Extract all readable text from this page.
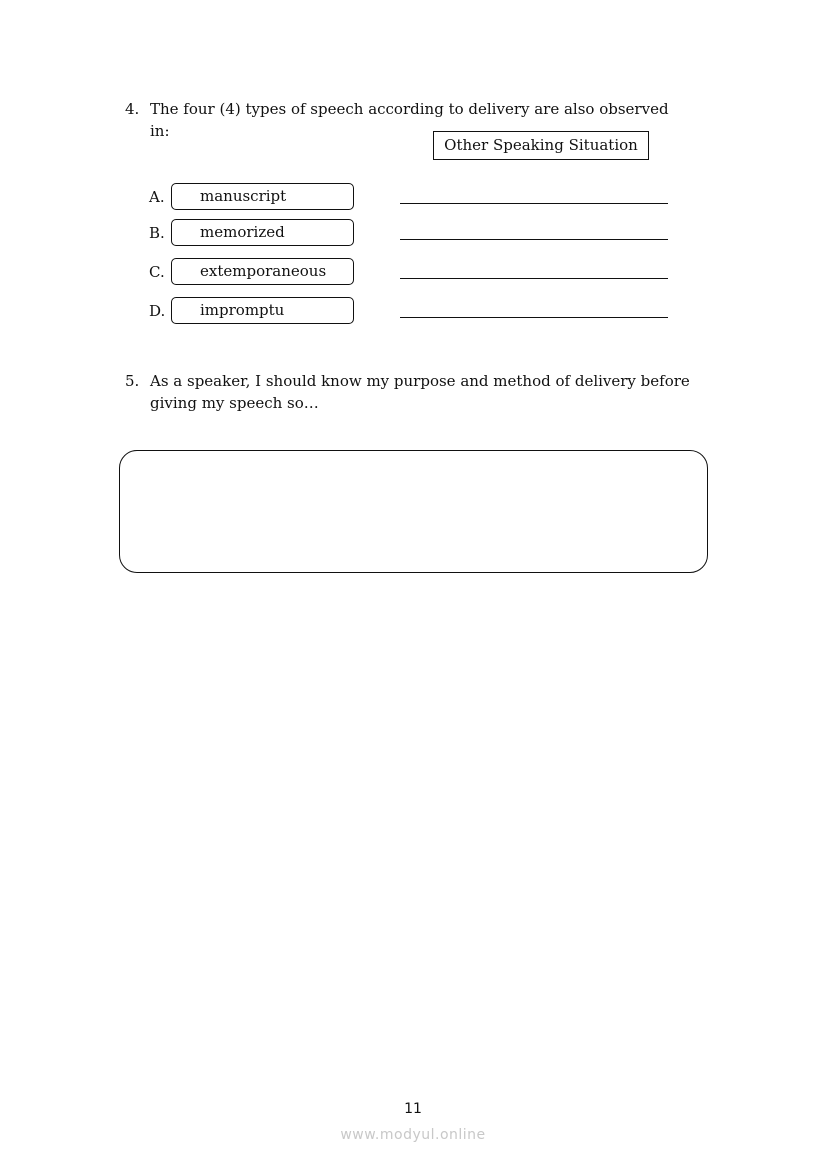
4. The four (4) types of speech according to delivery are also observed in:
Other Speaking Situation
A.	manuscript
B.	memorized
C.	extemporaneous
D.	impromptu
5. As a speaker, I should know my purpose and method of delivery before
giving my speech so…
11
www.modyul.online
